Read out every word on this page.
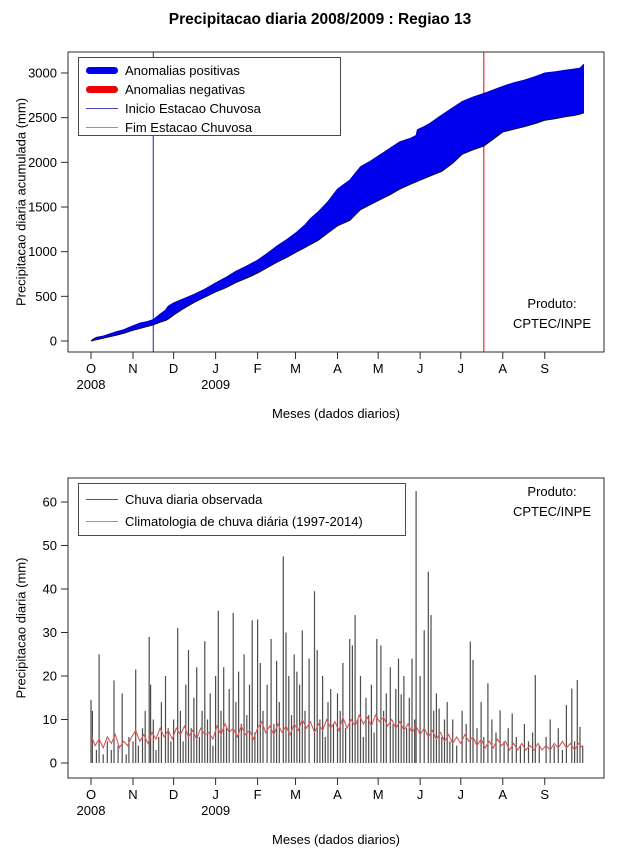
0
500
1000
1500
2000
2500
3000
O N D	J	F M A M	J	J	A	S
2008	2009
0
10
20
30
40
50
60
O N D	J	F M A M	J	J	A	S
2008	2009
Precipitacao diaria 2008/2009 : Regiao 13
Precipitacao diaria acumulada (mm)
Meses (dados diarios)
Produto:
CPTEC/INPE
Anomalias positivas
Anomalias negativas
Inicio Estacao Chuvosa
Fim Estacao Chuvosa
Precipitacao diaria (mm)
Meses (dados diarios)
Produto:
CPTEC/INPE
Chuva diaria observada
Climatologia de chuva diária (1997-2014)
